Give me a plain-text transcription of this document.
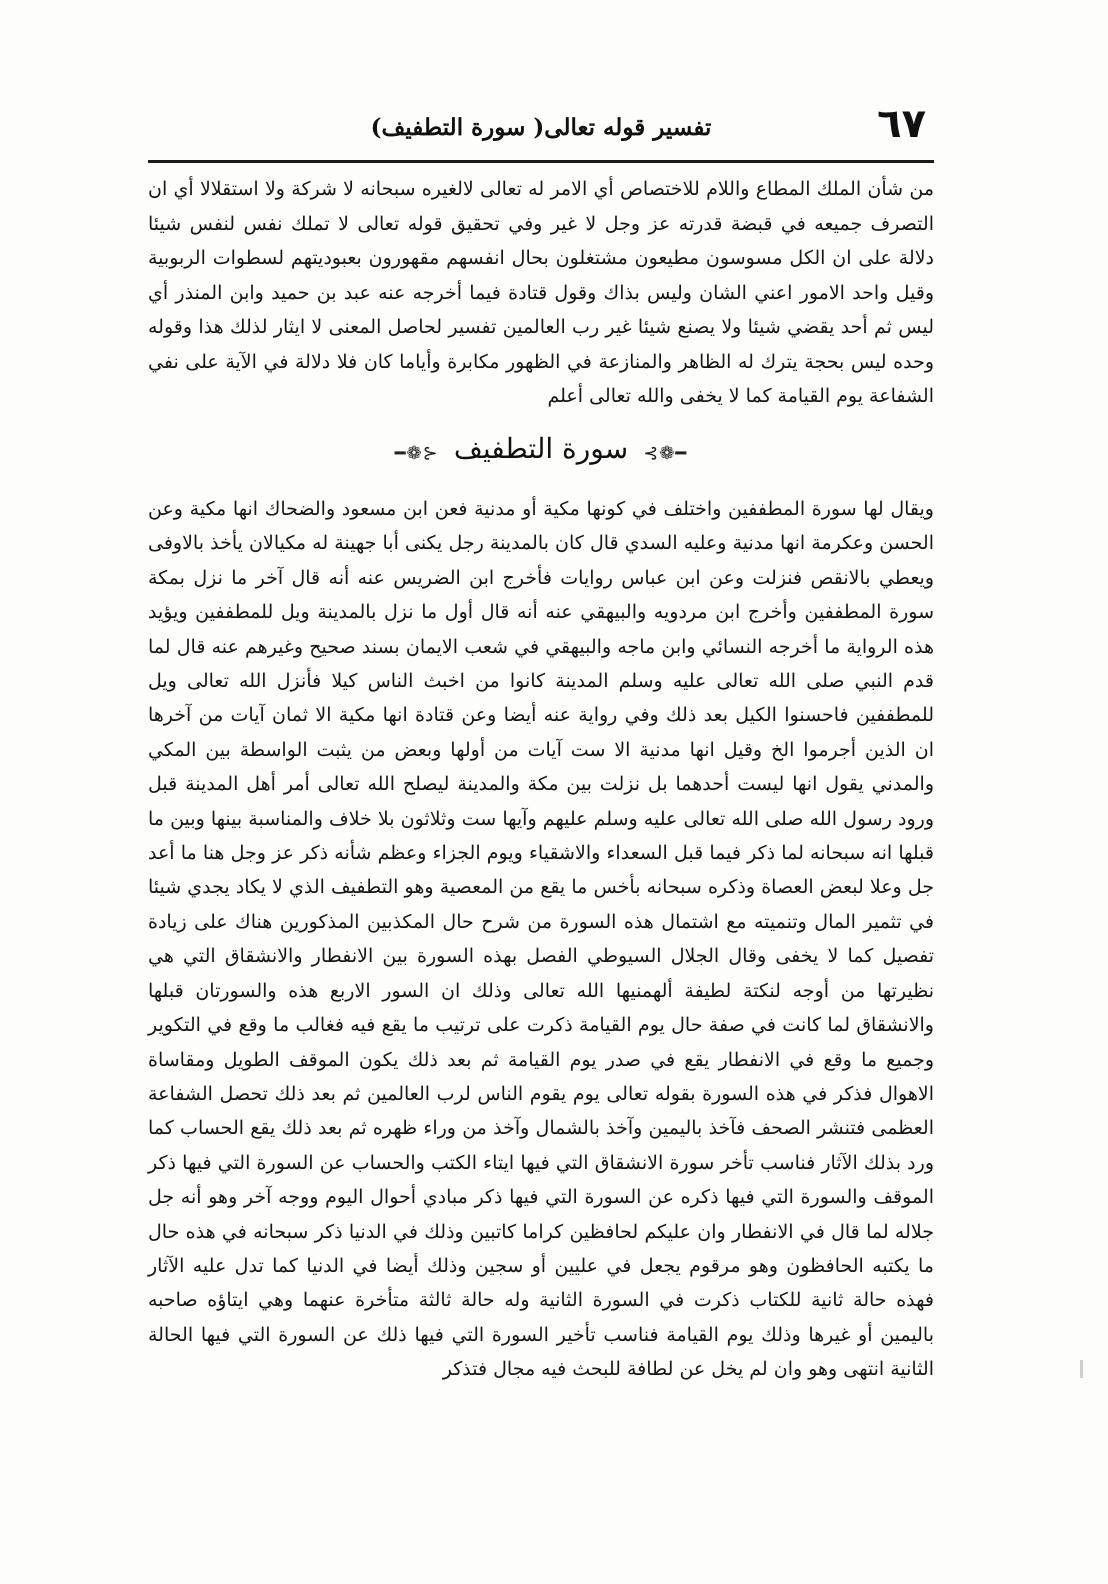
٦٧
تفسير قوله تعالى( سورة التطفيف)

من شأن الملك المطاع واللام للاختصاص أي الامر له تعالى لالغيره سبحانه لا شركة ولا استقلالا أي ان التصرف جميعه في قبضة قدرته عز وجل لا غير وفي تحقيق قوله تعالى لا تملك نفس لنفس شيئا دلالة على ان الكل مسوسون مطيعون مشتغلون بحال انفسهم مقهورون بعبوديتهم لسطوات الربوبية وقيل واحد الامور اعني الشان وليس بذاك وقول قتادة فيما أخرجه عنه عبد بن حميد وابن المنذر أي ليس ثم أحد يقضي شيئا ولا يصنع شيئا غير رب العالمين تفسير لحاصل المعنى لا ايثار لذلك هذا وقوله وحده ليس بحجة يترك له الظاهر والمنازعة في الظهور مكابرة وأياما كان فلا دلالة في الآية على نفي الشفاعة يوم القيامة كما لا يخفى والله تعالى أعلم

━❁⊱ سورة التطفيف ⊰❁━

ويقال لها سورة المطففين واختلف في كونها مكية أو مدنية فعن ابن مسعود والضحاك انها مكية وعن الحسن وعكرمة انها مدنية وعليه السدي قال كان بالمدينة رجل يكنى أبا جهينة له مكيالان يأخذ بالاوفى ويعطي بالانقص فنزلت وعن ابن عباس روايات فأخرج ابن الضريس عنه أنه قال آخر ما نزل بمكة سورة المطففين وأخرج ابن مردويه والبيهقي عنه أنه قال أول ما نزل بالمدينة ويل للمطففين ويؤيد هذه الرواية ما أخرجه النسائي وابن ماجه والبيهقي في شعب الايمان بسند صحيح وغيرهم عنه قال لما قدم النبي صلى الله تعالى عليه وسلم المدينة كانوا من اخبث الناس كيلا فأنزل الله تعالى ويل للمطففين فاحسنوا الكيل بعد ذلك وفي رواية عنه أيضا وعن قتادة انها مكية الا ثمان آيات من آخرها ان الذين أجرموا الخ وقيل انها مدنية الا ست آيات من أولها وبعض من يثبت الواسطة بين المكي والمدني يقول انها ليست أحدهما بل نزلت بين مكة والمدينة ليصلح الله تعالى أمر أهل المدينة قبل ورود رسول الله صلى الله تعالى عليه وسلم عليهم وآيها ست وثلاثون بلا خلاف والمناسبة بينها وبين ما قبلها انه سبحانه لما ذكر فيما قبل السعداء والاشقياء ويوم الجزاء وعظم شأنه ذكر عز وجل هنا ما أعد جل وعلا لبعض العصاة وذكره سبحانه بأخس ما يقع من المعصية وهو التطفيف الذي لا يكاد يجدي شيئا في تثمير المال وتنميته مع اشتمال هذه السورة من شرح حال المكذبين المذكورين هناك على زيادة تفصيل كما لا يخفى وقال الجلال السيوطي الفصل بهذه السورة بين الانفطار والانشقاق التي هي نظيرتها من أوجه لنكتة لطيفة ألهمنيها الله تعالى وذلك ان السور الاربع هذه والسورتان قبلها والانشقاق لما كانت في صفة حال يوم القيامة ذكرت على ترتيب ما يقع فيه فغالب ما وقع في التكوير وجميع ما وقع في الانفطار يقع في صدر يوم القيامة ثم بعد ذلك يكون الموقف الطويل ومقاساة الاهوال فذكر في هذه السورة بقوله تعالى يوم يقوم الناس لرب العالمين ثم بعد ذلك تحصل الشفاعة العظمى فتنشر الصحف فآخذ باليمين وآخذ بالشمال وآخذ من وراء ظهره ثم بعد ذلك يقع الحساب كما ورد بذلك الآثار فناسب تأخر سورة الانشقاق التي فيها ايتاء الكتب والحساب عن السورة التي فيها ذكر الموقف والسورة التي فيها ذكره عن السورة التي فيها ذكر مبادي أحوال اليوم ووجه آخر وهو أنه جل جلاله لما قال في الانفطار وان عليكم لحافظين كراما كاتبين وذلك في الدنيا ذكر سبحانه في هذه حال ما يكتبه الحافظون وهو مرقوم يجعل في عليين أو سجين وذلك أيضا في الدنيا كما تدل عليه الآثار فهذه حالة ثانية للكتاب ذكرت في السورة الثانية وله حالة ثالثة متأخرة عنهما وهي ايتاؤه صاحبه باليمين أو غيرها وذلك يوم القيامة فناسب تأخير السورة التي فيها ذلك عن السورة التي فيها الحالة الثانية انتهى وهو وان لم يخل عن لطافة للبحث فيه مجال فتذكر
